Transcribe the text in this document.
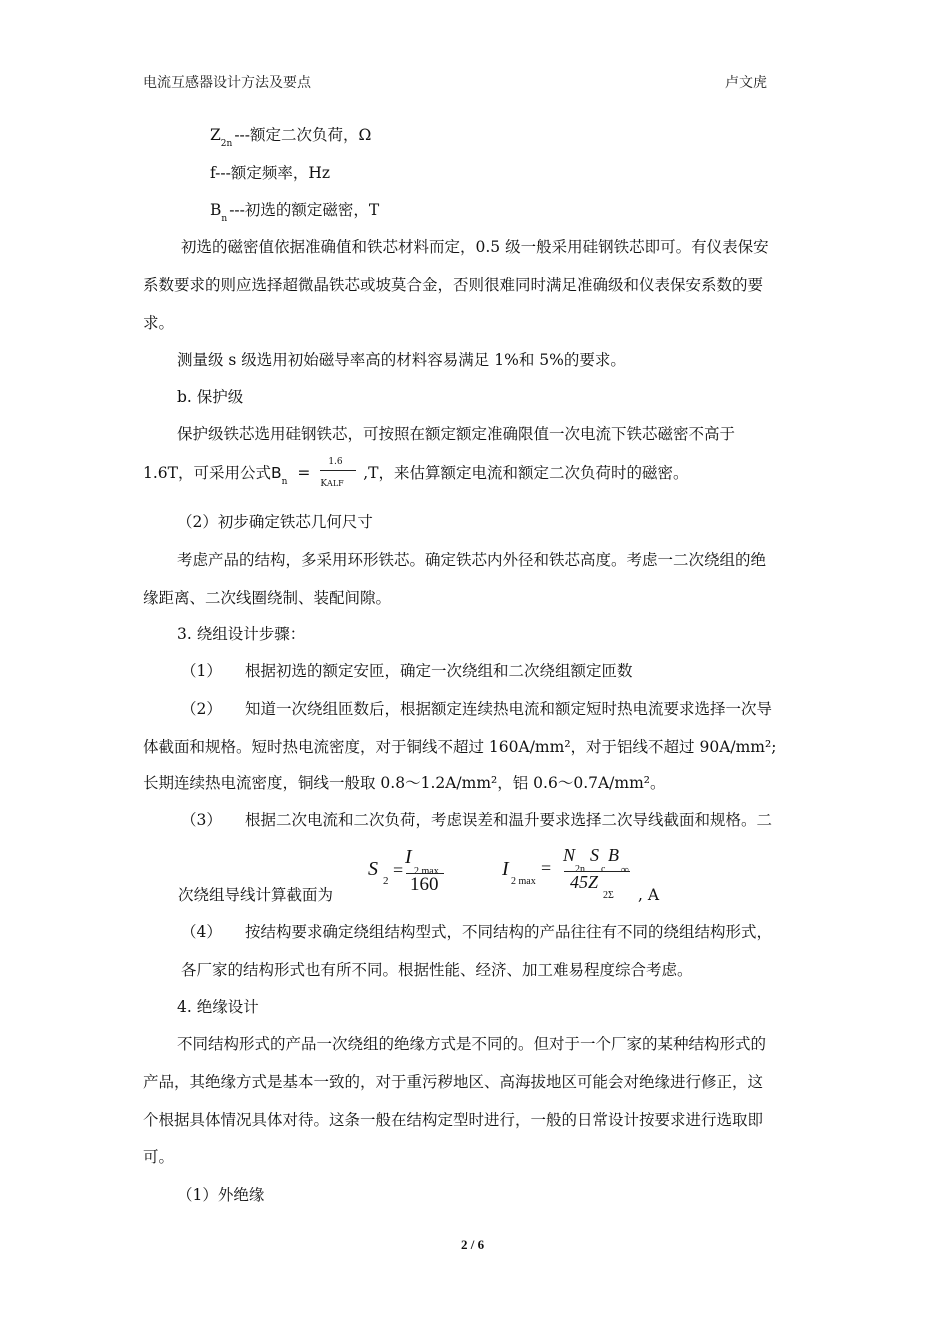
电流互感器设计方法及要点	卢文虎
$Z_{2n}$ ---额定二次负荷，Ω
f---额定频率，Hz
$B_n$ ---初选的额定磁密，T
初选的磁密值依据准确值和铁芯材料而定，0.5 级一般采用硅钢铁芯即可。有仪表保安
系数要求的则应选择超微晶铁芯或坡莫合金，否则很难同时满足准确级和仪表保安系数的要
求。
测量级 s 级选用初始磁导率高的材料容易满足 1%和 5%的要求。
b. 保护级
保护级铁芯选用硅钢铁芯，可按照在额定额定准确限值一次电流下铁芯磁密不高于
1.6T，可采用公式$B_n = \frac{1.6}{\text{KALF}} ,T$，来估算额定电流和额定二次负荷时的磁密。
（2）初步确定铁芯几何尺寸
考虑产品的结构，多采用环形铁芯。确定铁芯内外径和铁芯高度。考虑一二次绕组的绝
缘距离、二次线圈绕制、装配间隙。
3. 绕组设计步骤：
（1） 根据初选的额定安匝，确定一次绕组和二次绕组额定匝数
（2） 知道一次绕组匝数后，根据额定连续热电流和额定短时热电流要求选择一次导
体截面和规格。短时热电流密度，对于铜线不超过 160A/mm²，对于铝线不超过 90A/mm²;
长期连续热电流密度，铜线一般取 0.8～1.2A/mm²，铝 0.6～0.7A/mm²。
（3） 根据二次电流和二次负荷，考虑误差和温升要求选择二次导线截面和规格。二
次绕组导线计算截面为
S
2
=
I
2 max
160
I
2 max
=
N
2n
S
c
B
∞
45Z
2Σ , A
（4） 按结构要求确定绕组结构型式，不同结构的产品往往有不同的绕组结构形式，
各厂家的结构形式也有所不同。根据性能、经济、加工难易程度综合考虑。
4. 绝缘设计
不同结构形式的产品一次绕组的绝缘方式是不同的。但对于一个厂家的某种结构形式的
产品，其绝缘方式是基本一致的，对于重污秽地区、高海拔地区可能会对绝缘进行修正，这
个根据具体情况具体对待。这条一般在结构定型时进行，一般的日常设计按要求进行选取即
可。
（1）外绝缘
2 / 6
